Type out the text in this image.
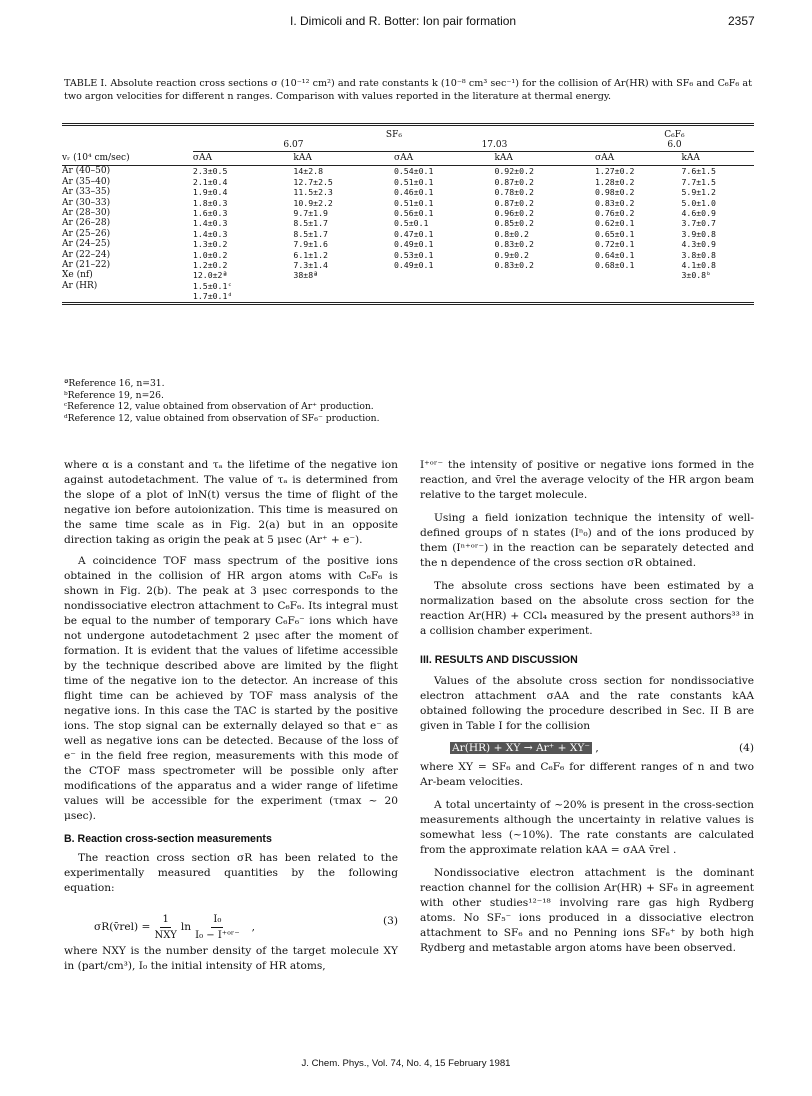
I. Dimicoli and R. Botter: Ion pair formation	2357
TABLE I. Absolute reaction cross sections σ (10⁻¹² cm²) and rate constants k (10⁻⁸ cm³ sec⁻¹) for the collision of Ar(HR) with SF₆ and C₆F₆ at two argon velocities for different n ranges. Comparison with values reported in the literature at thermal energy.
	SF₆				C₆F₆	
	6.07		17.03		6.0	
vᵣ (10⁴ cm/sec)	σAA	kAA	σAA	kAA	σAA	kAA
Ar (40–50)	2.3±0.5	14±2.8	0.54±0.1	0.92±0.2	1.27±0.2	7.6±1.5
Ar (35–40)	2.1±0.4	12.7±2.5	0.51±0.1	0.87±0.2	1.28±0.2	7.7±1.5
Ar (33–35)	1.9±0.4	11.5±2.3	0.46±0.1	0.78±0.2	0.98±0.2	5.9±1.2
Ar (30–33)	1.8±0.3	10.9±2.2	0.51±0.1	0.87±0.2	0.83±0.2	5.0±1.0
Ar (28–30)	1.6±0.3	9.7±1.9	0.56±0.1	0.96±0.2	0.76±0.2	4.6±0.9
Ar (26–28)	1.4±0.3	8.5±1.7	0.5±0.1	0.85±0.2	0.62±0.1	3.7±0.7
Ar (25–26)	1.4±0.3	8.5±1.7	0.47±0.1	0.8±0.2	0.65±0.1	3.9±0.8
Ar (24–25)	1.3±0.2	7.9±1.6	0.49±0.1	0.83±0.2	0.72±0.1	4.3±0.9
Ar (22–24)	1.0±0.2	6.1±1.2	0.53±0.1	0.9±0.2	0.64±0.1	3.8±0.8
Ar (21–22)	1.2±0.2	7.3±1.4	0.49±0.1	0.83±0.2	0.68±0.1	4.1±0.8
Xe (nf)	12.0±2ª	38±8ª				3±0.8ᵇ
Ar (HR)	1.5±0.1ᶜ					
	1.7±0.1ᵈ					
ªReference 16, n=31.
ᵇReference 19, n=26.
ᶜReference 12, value obtained from observation of Ar⁺ production.
ᵈReference 12, value obtained from observation of SF₆⁻ production.

where α is a constant and τₐ the lifetime of the negative ion against autodetachment. The value of τₐ is determined from the slope of a plot of lnN(t) versus the time of flight of the negative ion before autoionization. This time is measured on the same time scale as in Fig. 2(a) but in an opposite direction taking as origin the peak at 5 μsec (Ar⁺ + e⁻).

A coincidence TOF mass spectrum of the positive ions obtained in the collision of HR argon atoms with C₆F₆ is shown in Fig. 2(b). The peak at 3 μsec corresponds to the nondissociative electron attachment to C₆F₆. Its integral must be equal to the number of temporary C₆F₆⁻ ions which have not undergone autodetachment 2 μsec after the moment of formation. It is evident that the values of lifetime accessible by the technique described above are limited by the flight time of the negative ion to the detector. An increase of this flight time can be achieved by TOF mass analysis of the negative ions. In this case the TAC is started by the positive ions. The stop signal can be externally delayed so that e⁻ as well as negative ions can be detected. Because of the loss of e⁻ in the field free region, measurements with this mode of the CTOF mass spectrometer will be possible only after modifications of the apparatus and a wider range of lifetime values will be accessible for the experiment (τmax ~ 20 μsec).

B. Reaction cross-section measurements

The reaction cross section σR has been related to the experimentally measured quantities by the following equation:

σR(v̄rel) =
1
NXY
ln
I₀
I₀ − I⁺ᵒʳ⁻
,	(3)

where NXY is the number density of the target molecule XY in (part/cm³), I₀ the initial intensity of HR atoms,

I⁺ᵒʳ⁻ the intensity of positive or negative ions formed in the reaction, and v̄rel the average velocity of the HR argon beam relative to the target molecule.

Using a field ionization technique the intensity of well-defined groups of n states (Iⁿ₀) and of the ions produced by them (Iⁿ⁺ᵒʳ⁻) in the reaction can be separately detected and the n dependence of the cross section σR obtained.

The absolute cross sections have been estimated by a normalization based on the absolute cross section for the reaction Ar(HR) + CCl₄ measured by the present authors³³ in a collision chamber experiment.

III. RESULTS AND DISCUSSION

Values of the absolute cross section for nondissociative electron attachment σAA and the rate constants kAA obtained following the procedure described in Sec. II B are given in Table I for the collision

Ar(HR) + XY → Ar⁺ + XY⁻ ,	(4)

where XY = SF₆ and C₆F₆ for different ranges of n and two Ar-beam velocities.

A total uncertainty of ~20% is present in the cross-section measurements although the uncertainty in relative values is somewhat less (~10%). The rate constants are calculated from the approximate relation kAA = σAA v̄rel .

Nondissociative electron attachment is the dominant reaction channel for the collision Ar(HR) + SF₆ in agreement with other studies¹²⁻¹⁸ involving rare gas high Rydberg atoms. No SF₅⁻ ions produced in a dissociative electron attachment to SF₆ and no Penning ions SF₆⁺ by both high Rydberg and metastable argon atoms have been observed.

J. Chem. Phys., Vol. 74, No. 4, 15 February 1981
